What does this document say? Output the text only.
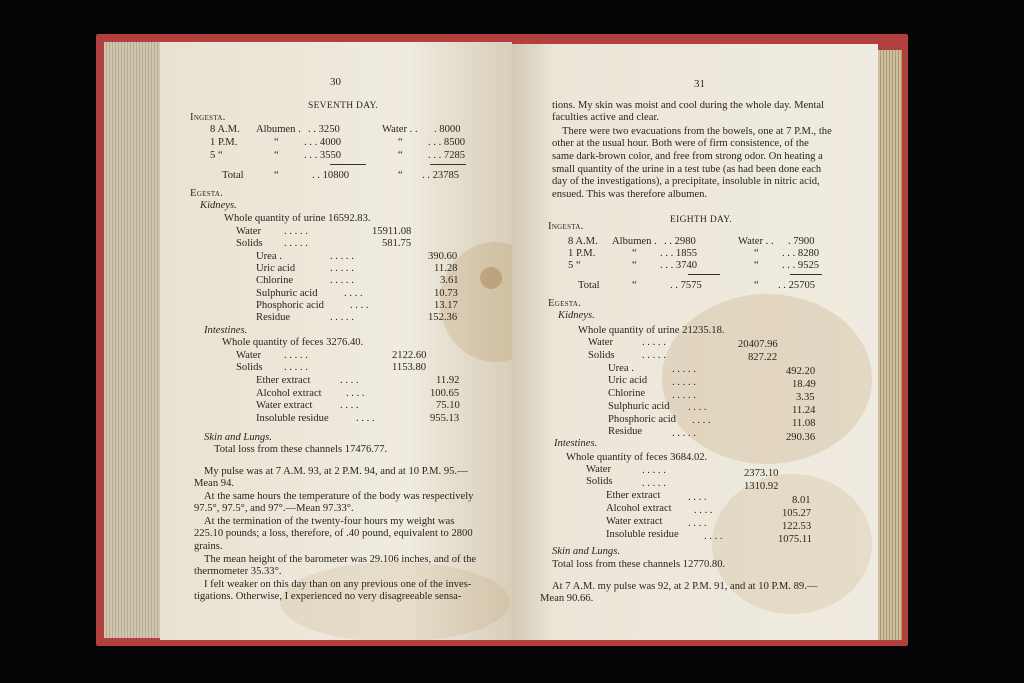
30
SEVENTH DAY.
Ingesta.
8 A.M. Albumen . . . 3250	Water . . . 8000
1 P.M.	“ . . . 4000	“ . . . 8500
5 “	“ . . . 3550	“ . . . 7285
Total	“	. . 10800	“ . . 23785
Egesta.
Kidneys.
Whole quantity of urine 16592.83.
Water . . . . .	15911.08
Solids . . . . .	581.75
Urea .	. . . . .	390.60
Uric acid	. . . . .	11.28
Chlorine	. . . . .	3.61
Sulphuric acid	. . . .	10.73
Phosphoric acid . . . .	13.17
Residue	. . . . .	152.36
Intestines.
Whole quantity of feces 3276.40.
Water . . . . .	2122.60
Solids . . . . .	1153.80
Ether extract	. . . .	11.92
Alcohol extract . . . .	100.65
Water extract	. . . .	75.10
Insoluble residue	. . . .	955.13
Skin and Lungs.
Total loss from these channels 17476.77.
My pulse was at 7 A.M. 93, at 2 P.M. 94, and at 10 P.M. 95.—
Mean 94.
At the same hours the temperature of the body was respectively
97.5°, 97.5°, and 97°.—Mean 97.33°.
At the termination of the twenty-four hours my weight was
225.10 pounds; a loss, therefore, of .40 pound, equivalent to 2800
grains.
The mean height of the barometer was 29.106 inches, and of the
thermometer 35.33°.
I felt weaker on this day than on any previous one of the inves-
tigations. Otherwise, I experienced no very disagreeable sensa-
31
tions. My skin was moist and cool during the whole day. Mental
faculties active and clear.
There were two evacuations from the bowels, one at 7 P.M., the
other at the usual hour. Both were of firm consistence, of the
same dark-brown color, and free from strong odor. On heating a
small quantity of the urine in a test tube (as had been done each
day of the investigations), a precipitate, insoluble in nitric acid,
ensued. This was therefore albumen.
EIGHTH DAY.
Ingesta.
8 A.M. Albumen . . . 2980	Water . . . 7900
1 P.M.	“ . . . 1855	“ . . . 8280
5 “	“ . . . 3740	“ . . . 9525
Total	“	. . 7575	“ . . 25705
Egesta.
Kidneys.
Whole quantity of urine 21235.18.
Water	. . . . .	20407.96
Solids	. . . . .	827.22
Urea .	. . . . .	492.20
Uric acid . . . . .	18.49
Chlorine	. . . . .	3.35
Sulphuric acid . . . .	11.24
Phosphoric acid . . . .	11.08
Residue	. . . . .	290.36
Intestines.
Whole quantity of feces 3684.02.
Water	. . . . .	2373.10
Solids	. . . . .	1310.92
Ether extract	. . . .	8.01
Alcohol extract . . . .	105.27
Water extract . . . .	122.53
Insoluble residue . . . .	1075.11
Skin and Lungs.
Total loss from these channels 12770.80.
At 7 A.M. my pulse was 92, at 2 P.M. 91, and at 10 P.M. 89.—
Mean 90.66.
